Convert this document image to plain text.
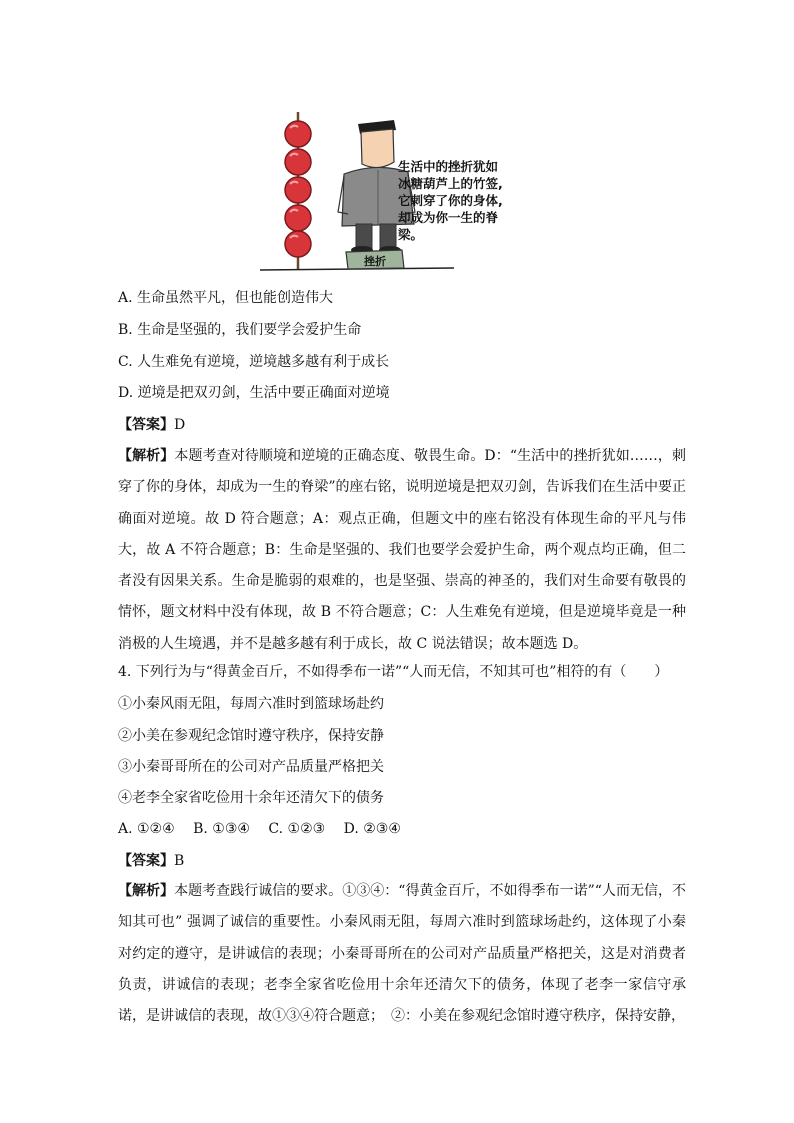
挫折
生活中的挫折犹如
冰糖葫芦上的竹签,
它刺穿了你的身体,
却成为你一生的脊
梁。
A. 生命虽然平凡，但也能创造伟大
B. 生命是坚强的，我们要学会爱护生命
C. 人生难免有逆境，逆境越多越有利于成长
D. 逆境是把双刃剑，生活中要正确面对逆境
【答案】D
【解析】本题考查对待顺境和逆境的正确态度、敬畏生命。D：“生活中的挫折犹如……，刺穿了你的身体，却成为一生的脊梁”的座右铭，说明逆境是把双刃剑，告诉我们在生活中要正确面对逆境。故 D 符合题意；A：观点正确，但题文中的座右铭没有体现生命的平凡与伟大，故 A 不符合题意；B：生命是坚强的、我们也要学会爱护生命，两个观点均正确，但二者没有因果关系。生命是脆弱的艰难的，也是坚强、崇高的神圣的，我们对生命要有敬畏的情怀，题文材料中没有体现，故 B 不符合题意；C：人生难免有逆境，但是逆境毕竟是一种消极的人生境遇，并不是越多越有利于成长，故 C 说法错误；故本题选 D。
4. 下列行为与“得黄金百斤，不如得季布一诺”“人而无信，不知其可也”相符的有（　　）
①小秦风雨无阻，每周六准时到篮球场赴约
②小美在参观纪念馆时遵守秩序，保持安静
③小秦哥哥所在的公司对产品质量严格把关
④老李全家省吃俭用十余年还清欠下的债务
A. ①②④　 B. ①③④　 C. ①②③　 D. ②③④
【答案】B
【解析】本题考查践行诚信的要求。①③④：“得黄金百斤，不如得季布一诺”“人而无信，不知其可也” 强调了诚信的重要性。小秦风雨无阻，每周六准时到篮球场赴约，这体现了小秦对约定的遵守，是讲诚信的表现；小秦哥哥所在的公司对产品质量严格把关，这是对消费者负责，讲诚信的表现；老李全家省吃俭用十余年还清欠下的债务，体现了老李一家信守承诺，是讲诚信的表现，故①③④符合题意；　②：小美在参观纪念馆时遵守秩序，保持安静，
